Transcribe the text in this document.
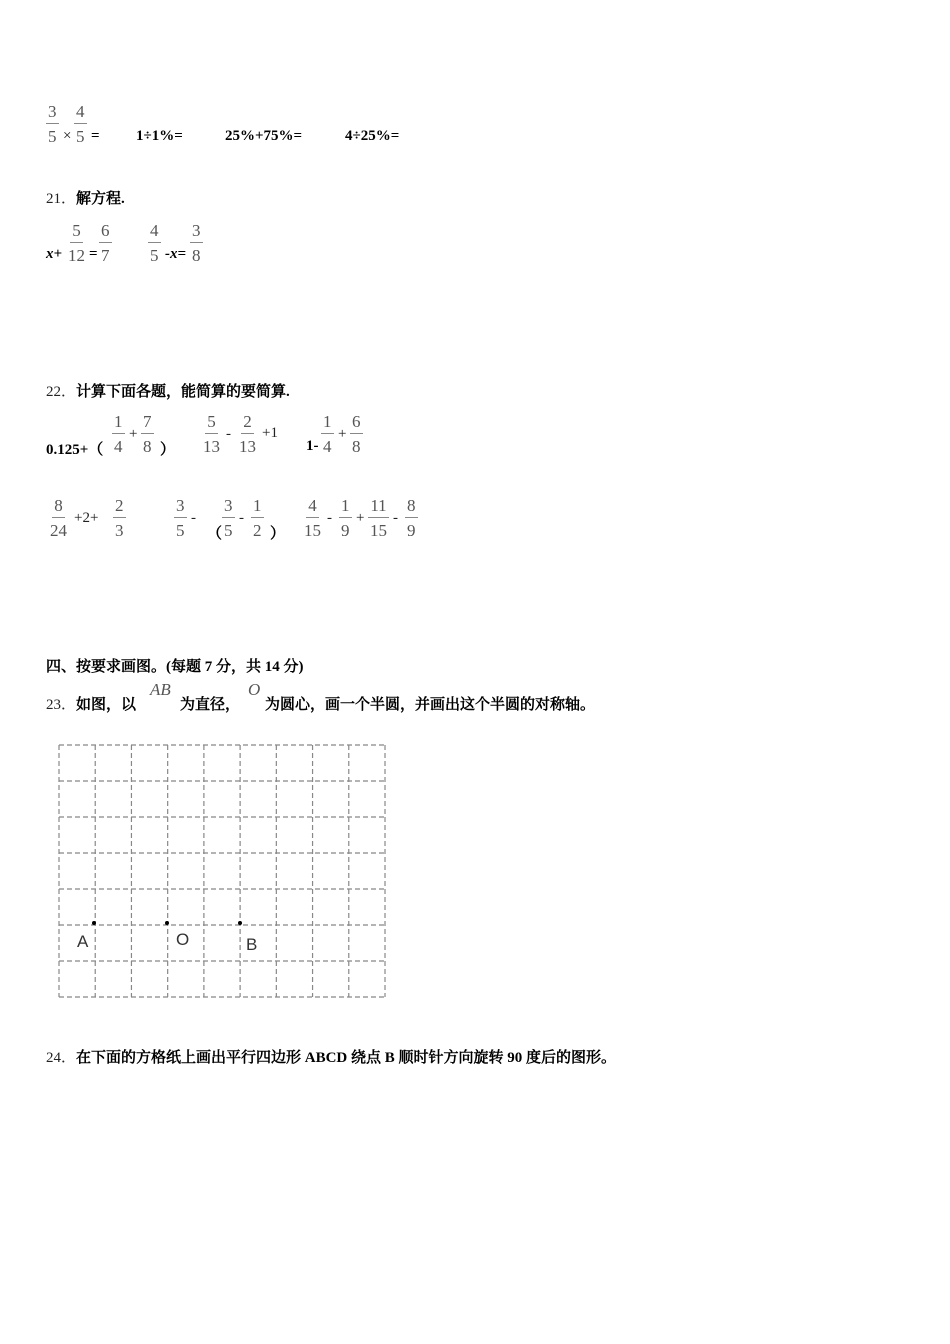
$\frac{3}{5} \times \frac{4}{5} = 1\div 1\%=$	25%+75%=	4÷25%=
21．解方程.
$x+ \frac{5}{12} = \frac{6}{7} \frac{4}{5} -x= \frac{3}{8}$
22．计算下面各题，能简算的要简算.
$0.125+( \frac{1}{4} + \frac{7}{8}$ ） $\frac{5}{13} - \frac{2}{13} +1$
$1- \frac{1}{4} + \frac{6}{8}$
$\frac{8}{24} +2+ \frac{2}{3}$	$\frac{3}{5}$ -
（ $\frac{3}{5} - \frac{1}{2}$ ） $\frac{4}{15} - \frac{1}{9} + \frac{11}{15} - \frac{8}{9}$
四、按要求画图。(每题 7 分，共 14 分)
23．如图，以
AB
为直径，
O
为圆心，画一个半圆，并画出这个半圆的对称轴。
A	O	B
24．在下面的方格纸上画出平行四边形 ABCD 绕点 B 顺时针方向旋转 90 度后的图形。
